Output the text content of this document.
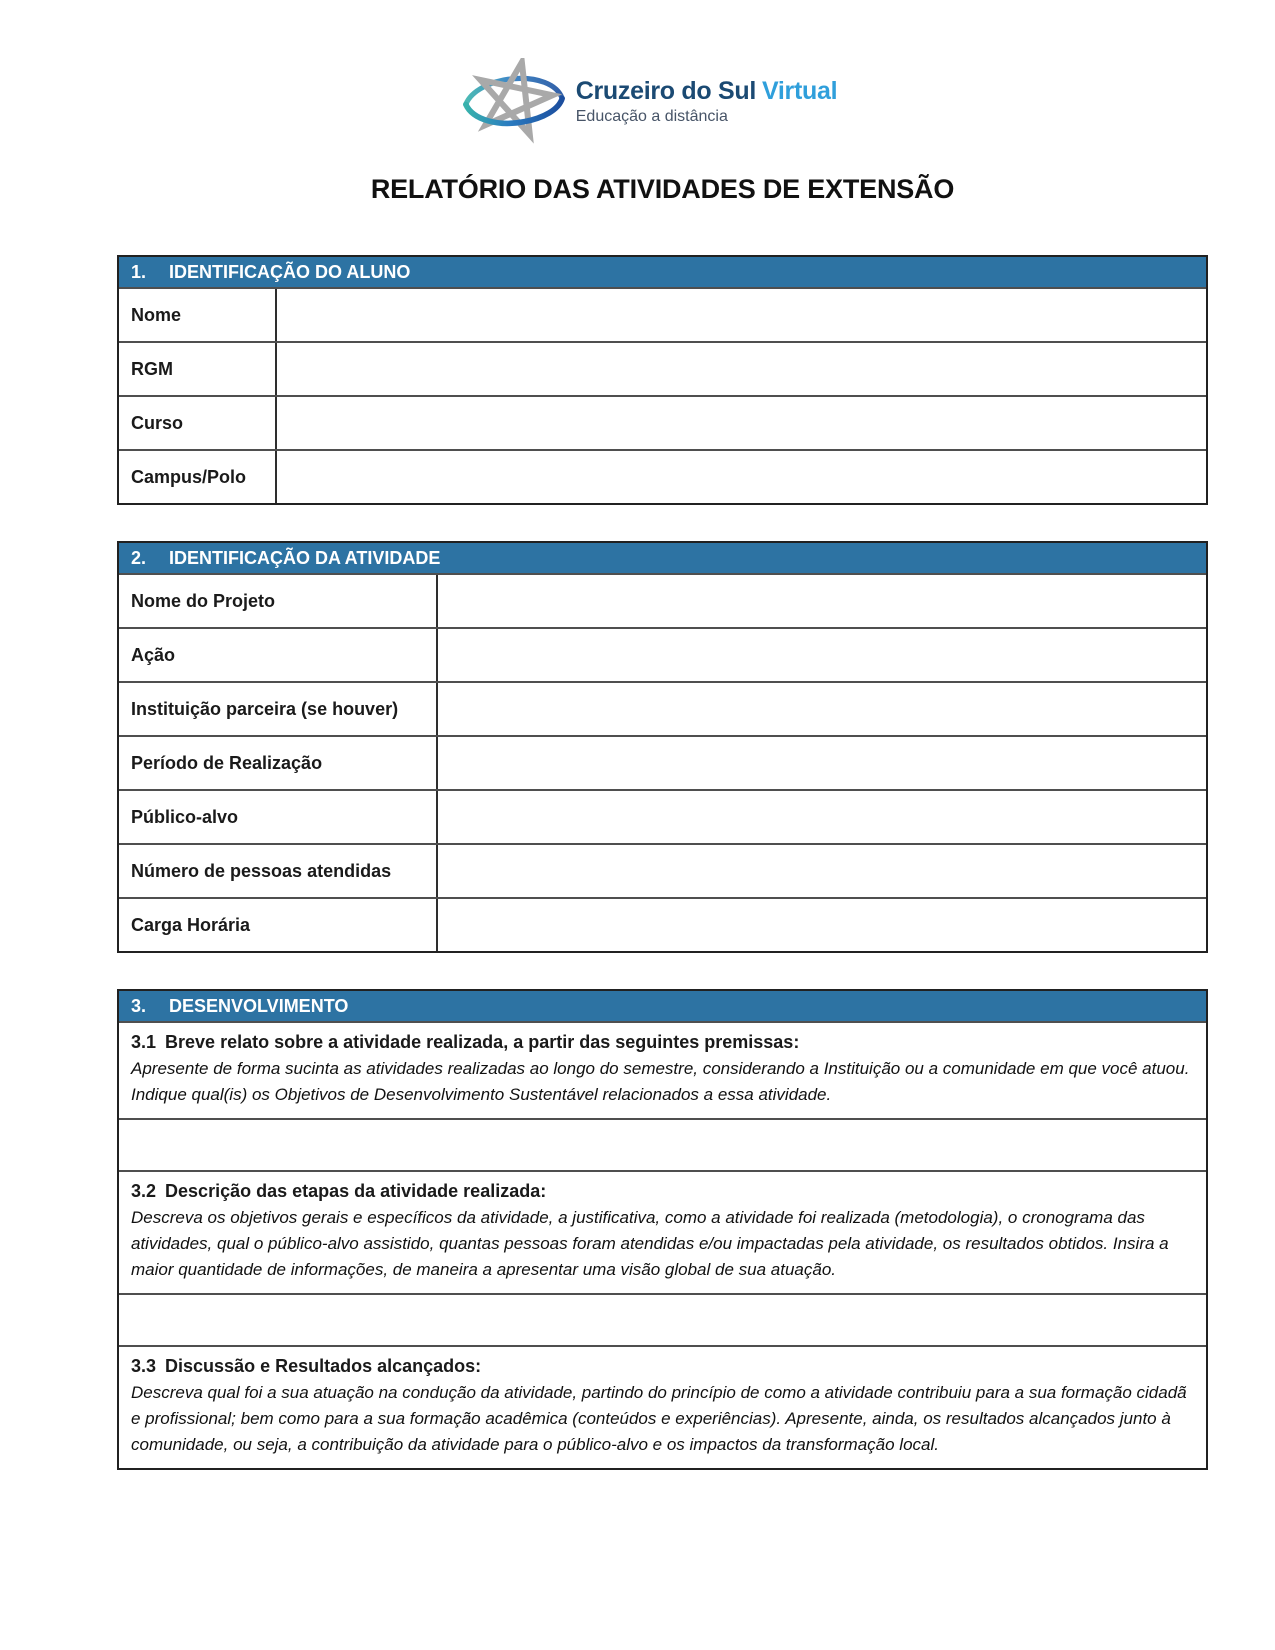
Cruzeiro do Sul Virtual
Educação a distância
RELATÓRIO DAS ATIVIDADES DE EXTENSÃO
1.	IDENTIFICAÇÃO DO ALUNO
Nome
RGM
Curso
Campus/Polo
2.	IDENTIFICAÇÃO DA ATIVIDADE
Nome do Projeto
Ação
Instituição parceira (se houver)
Período de Realização
Público-alvo
Número de pessoas atendidas
Carga Horária
3.	DESENVOLVIMENTO
3.1 Breve relato sobre a atividade realizada, a partir das seguintes premissas:
Apresente de forma sucinta as atividades realizadas ao longo do semestre, considerando a Instituição ou a comunidade em que você atuou. Indique qual(is) os Objetivos de Desenvolvimento Sustentável relacionados a essa atividade.
3.2 Descrição das etapas da atividade realizada:
Descreva os objetivos gerais e específicos da atividade, a justificativa, como a atividade foi realizada (metodologia), o cronograma das atividades, qual o público-alvo assistido, quantas pessoas foram atendidas e/ou impactadas pela atividade, os resultados obtidos. Insira a maior quantidade de informações, de maneira a apresentar uma visão global de sua atuação.
3.3 Discussão e Resultados alcançados:
Descreva qual foi a sua atuação na condução da atividade, partindo do princípio de como a atividade contribuiu para a sua formação cidadã e profissional; bem como para a sua formação acadêmica (conteúdos e experiências). Apresente, ainda, os resultados alcançados junto à comunidade, ou seja, a contribuição da atividade para o público-alvo e os impactos da transformação local.
